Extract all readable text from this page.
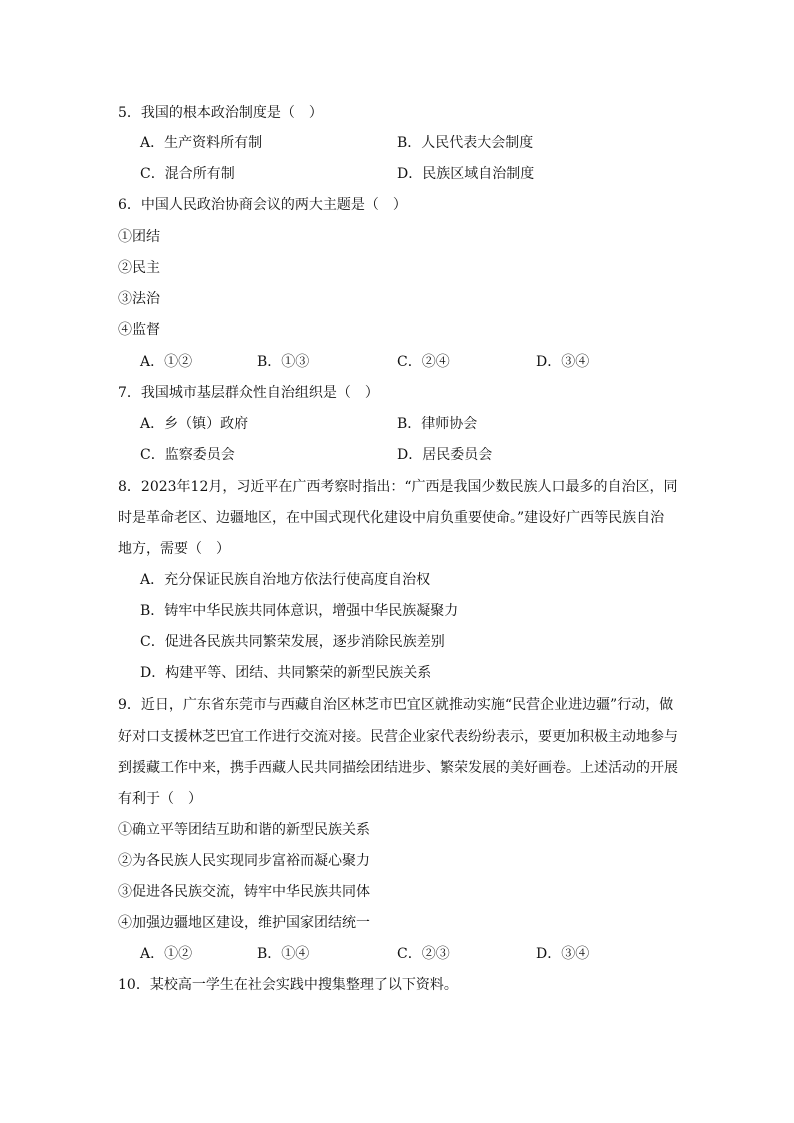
5．我国的根本政治制度是（　）
A．生产资料所有制	B．人民代表大会制度
C．混合所有制	D．民族区域自治制度
6．中国人民政治协商会议的两大主题是（　）
①团结
②民主
③法治
④监督
A．①②	B．①③	C．②④	D．③④
7．我国城市基层群众性自治组织是（　）
A．乡（镇）政府	B．律师协会
C．监察委员会	D．居民委员会
8．2023年12月，习近平在广西考察时指出：“广西是我国少数民族人口最多的自治区，同
时是革命老区、边疆地区，在中国式现代化建设中肩负重要使命。”建设好广西等民族自治
地方，需要（　）
A．充分保证民族自治地方依法行使高度自治权
B．铸牢中华民族共同体意识，增强中华民族凝聚力
C．促进各民族共同繁荣发展，逐步消除民族差别
D．构建平等、团结、共同繁荣的新型民族关系
9．近日，广东省东莞市与西藏自治区林芝市巴宜区就推动实施“民营企业进边疆”行动，做
好对口支援林芝巴宜工作进行交流对接。民营企业家代表纷纷表示，要更加积极主动地参与
到援藏工作中来，携手西藏人民共同描绘团结进步、繁荣发展的美好画卷。上述活动的开展
有利于（　）
①确立平等团结互助和谐的新型民族关系
②为各民族人民实现同步富裕而凝心聚力
③促进各民族交流，铸牢中华民族共同体
④加强边疆地区建设，维护国家团结统一
A．①②	B．①④	C．②③	D．③④
10．某校高一学生在社会实践中搜集整理了以下资料。
